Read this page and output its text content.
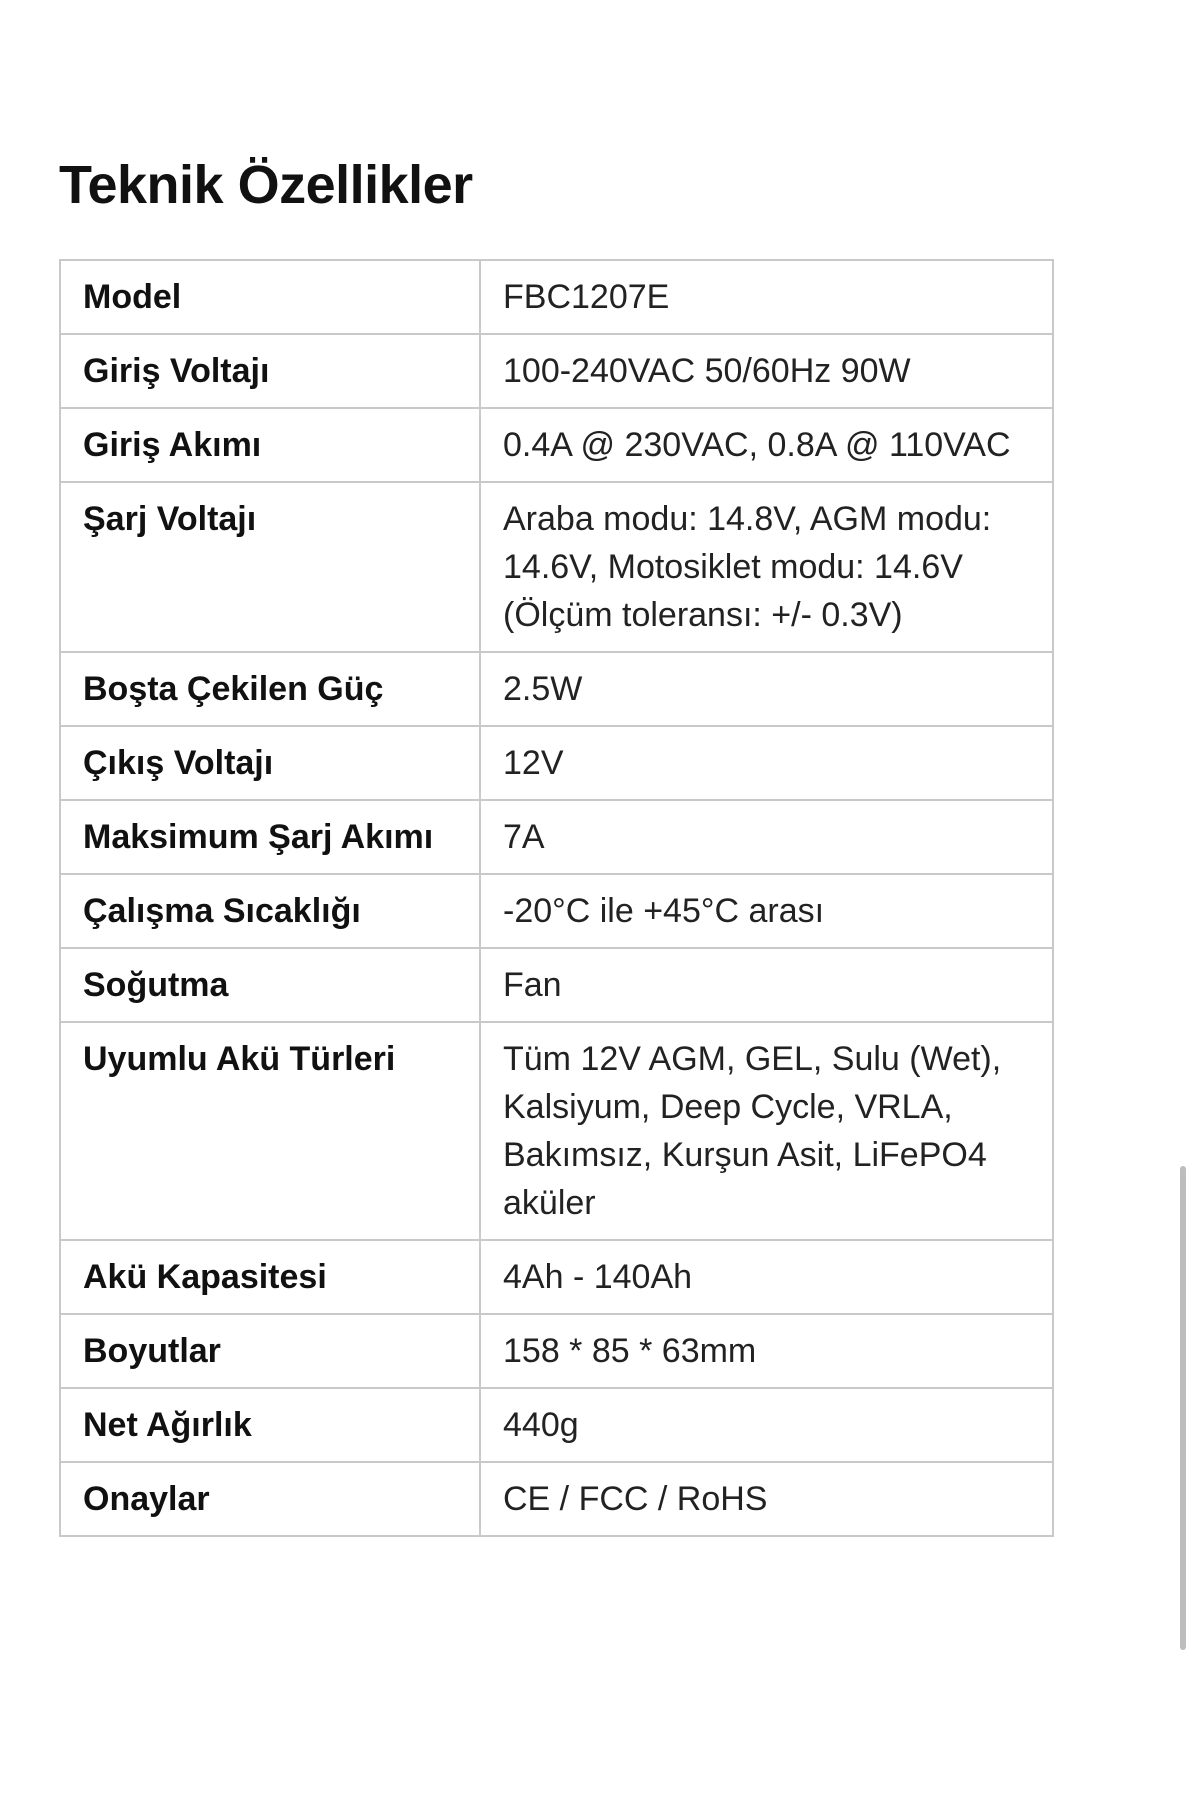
Teknik Özellikler
Model	FBC1207E
Giriş Voltajı	100-240VAC 50/60Hz 90W
Giriş Akımı	0.4A @ 230VAC, 0.8A @ 110VAC
Şarj Voltajı	Araba modu: 14.8V, AGM modu: 14.6V, Motosiklet modu: 14.6V (Ölçüm toleransı: +/- 0.3V)
Boşta Çekilen Güç	2.5W
Çıkış Voltajı	12V
Maksimum Şarj Akımı	7A
Çalışma Sıcaklığı	-20°C ile +45°C arası
Soğutma	Fan
Uyumlu Akü Türleri	Tüm 12V AGM, GEL, Sulu (Wet), Kalsiyum, Deep Cycle, VRLA, Bakımsız, Kurşun Asit, LiFePO4 aküler
Akü Kapasitesi	4Ah - 140Ah
Boyutlar	158 * 85 * 63mm
Net Ağırlık	440g
Onaylar	CE / FCC / RoHS
